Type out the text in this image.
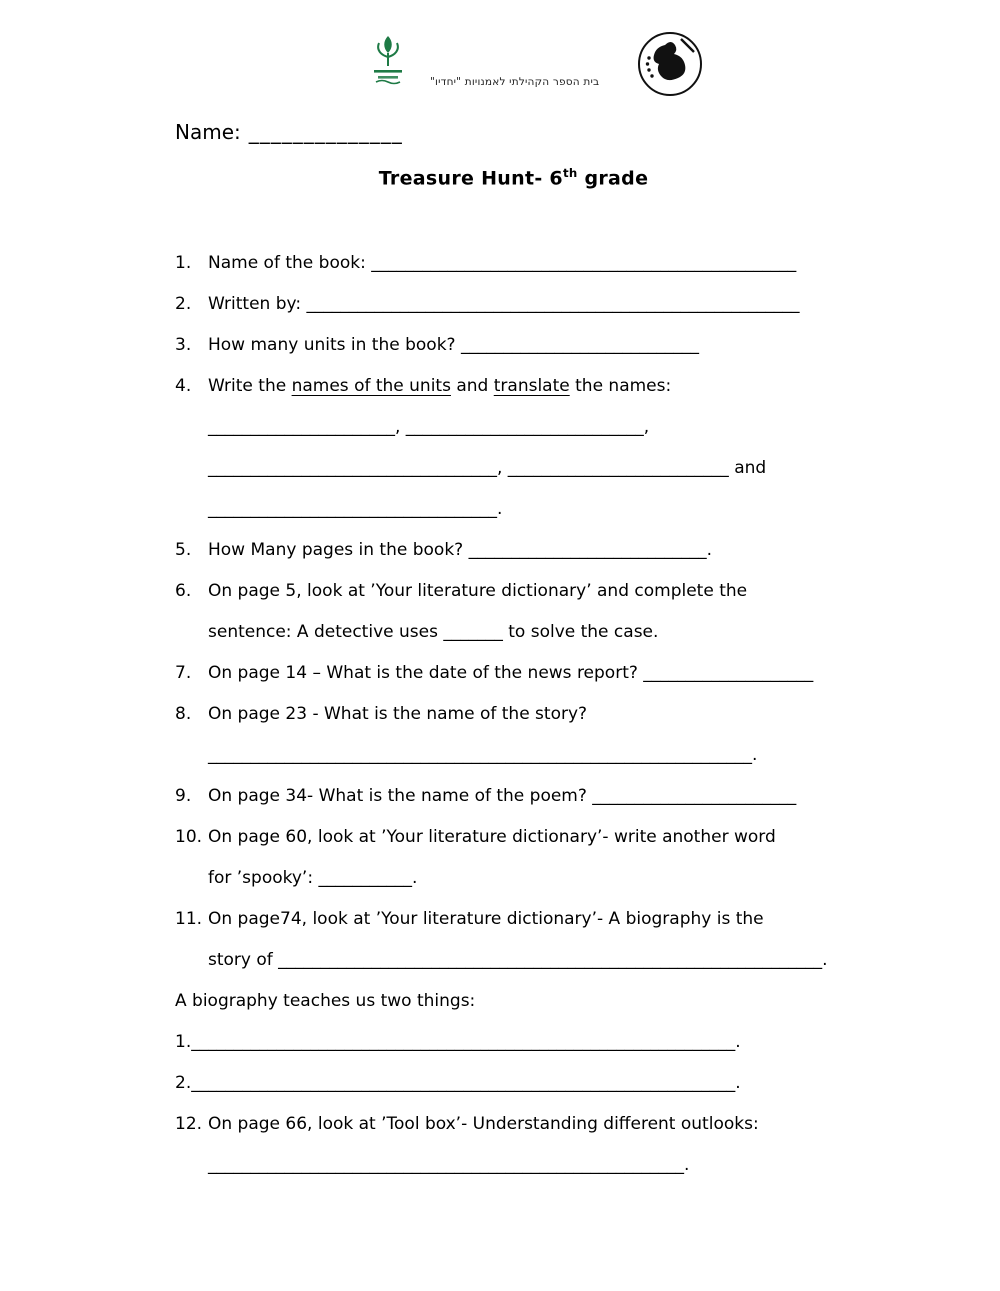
בית הספר הקהילתי לאמנויות "יחדיו"
Name: ______________
Treasure Hunt- 6th grade
1. Name of the book: __________________________________________________
2. Written by: __________________________________________________________
3. How many units in the book? ____________________________
4. Write the names of the units and translate the names:
______________________, ____________________________,
__________________________________, __________________________ and
__________________________________.
5. How Many pages in the book? ____________________________.
6. On page 5, look at ’Your literature dictionary’ and complete the
sentence: A detective uses _______ to solve the case.
7. On page 14 – What is the date of the news report? ____________________
8. On page 23 - What is the name of the story?
________________________________________________________________.
9. On page 34- What is the name of the poem? ________________________
10. On page 60, look at ’Your literature dictionary’- write another word
for ’spooky’: ___________.
11. On page74, look at ’Your literature dictionary’- A biography is the
story of ________________________________________________________________.
A biography teaches us two things:
1.________________________________________________________________.
2.________________________________________________________________.
12. On page 66, look at ’Tool box’- Understanding different outlooks:
________________________________________________________.
